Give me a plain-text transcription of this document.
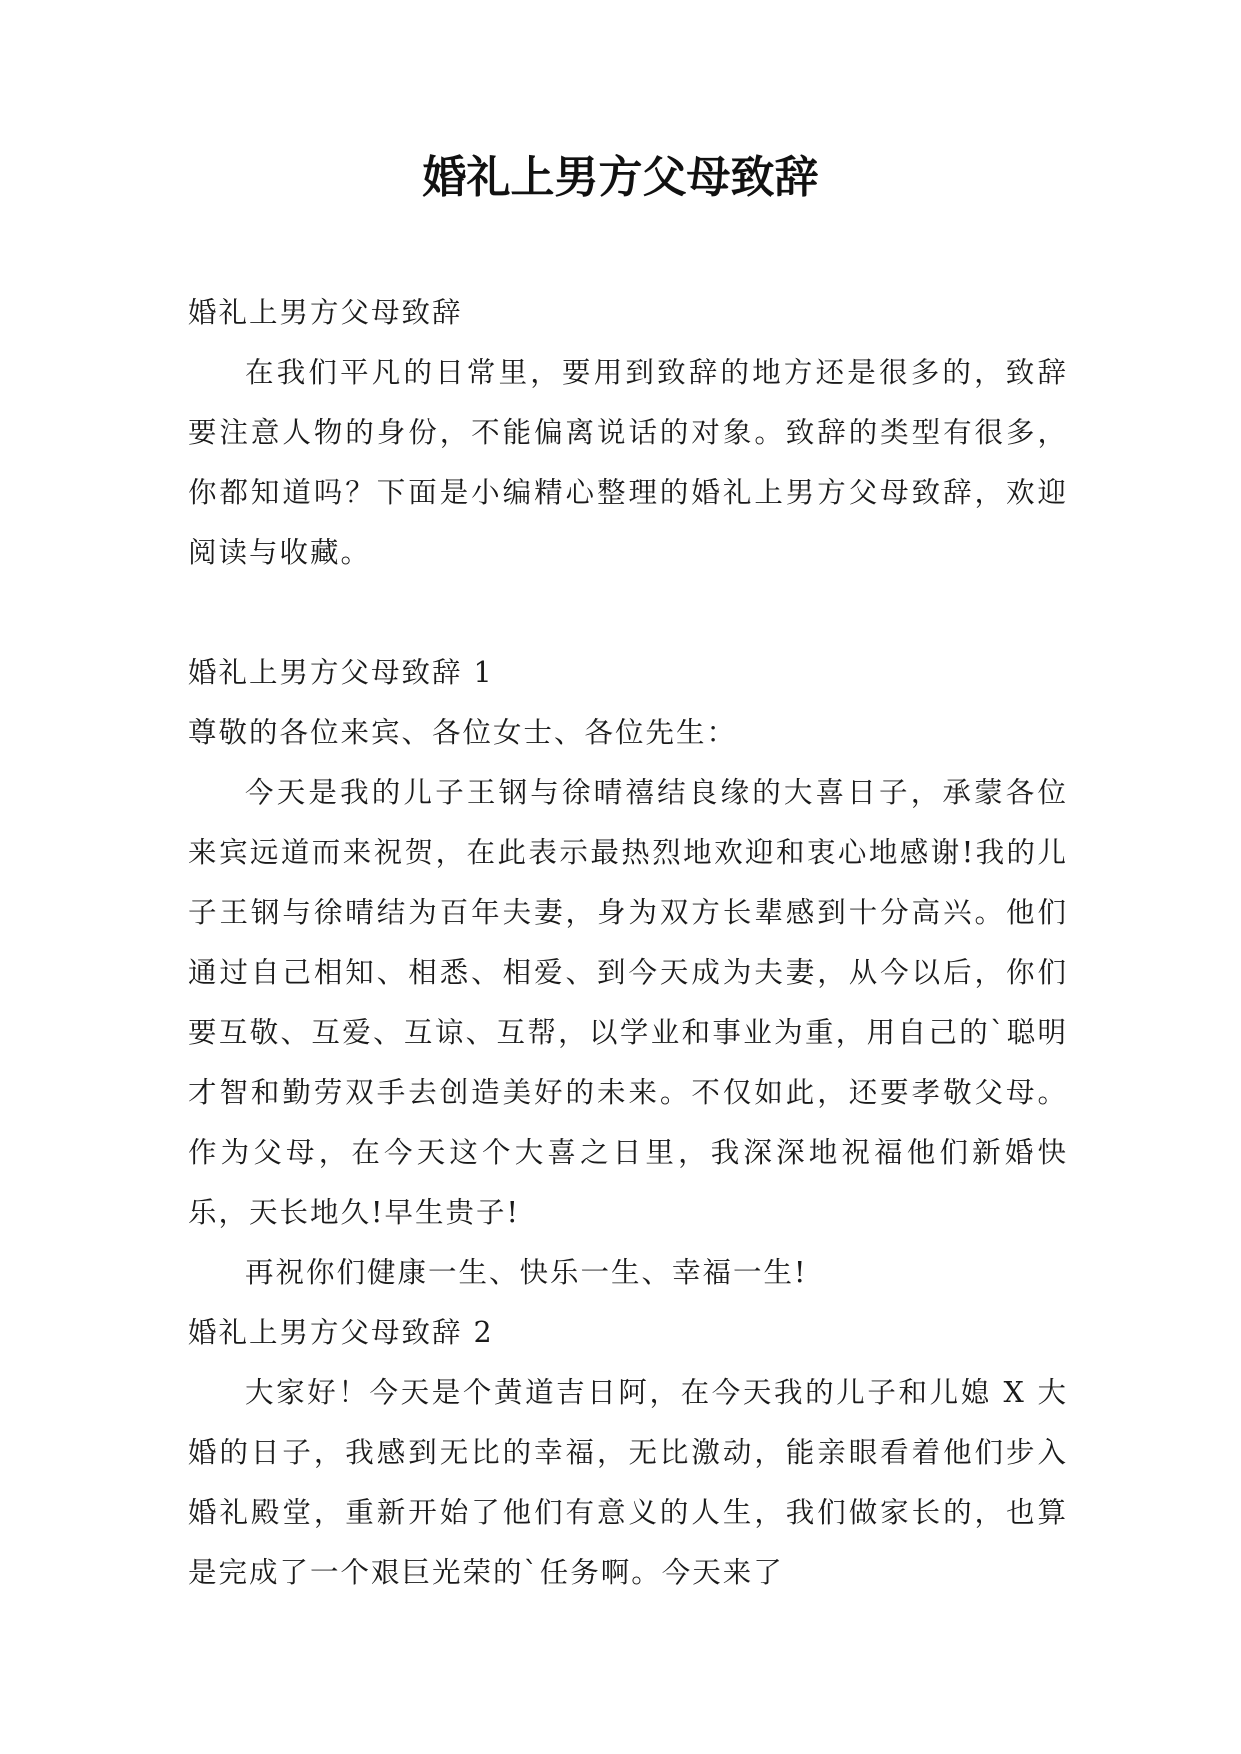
婚礼上男方父母致辞

婚礼上男方父母致辞

在我们平凡的日常里，要用到致辞的地方还是很多的，致辞要注意人物的身份，不能偏离说话的对象。致辞的类型有很多，你都知道吗？下面是小编精心整理的婚礼上男方父母致辞，欢迎阅读与收藏。

婚礼上男方父母致辞 1

尊敬的各位来宾、各位女士、各位先生：

今天是我的儿子王钢与徐晴禧结良缘的大喜日子，承蒙各位来宾远道而来祝贺，在此表示最热烈地欢迎和衷心地感谢!我的儿子王钢与徐晴结为百年夫妻，身为双方长辈感到十分高兴。他们通过自己相知、相悉、相爱、到今天成为夫妻，从今以后，你们要互敬、互爱、互谅、互帮，以学业和事业为重，用自己的`聪明才智和勤劳双手去创造美好的未来。不仅如此，还要孝敬父母。作为父母，在今天这个大喜之日里，我深深地祝福他们新婚快乐，天长地久!早生贵子!

再祝你们健康一生、快乐一生、幸福一生!

婚礼上男方父母致辞 2

大家好！今天是个黄道吉日阿，在今天我的儿子和儿媳 X 大婚的日子，我感到无比的幸福，无比激动，能亲眼看着他们步入婚礼殿堂，重新开始了他们有意义的人生，我们做家长的，也算是完成了一个艰巨光荣的`任务啊。今天来了
